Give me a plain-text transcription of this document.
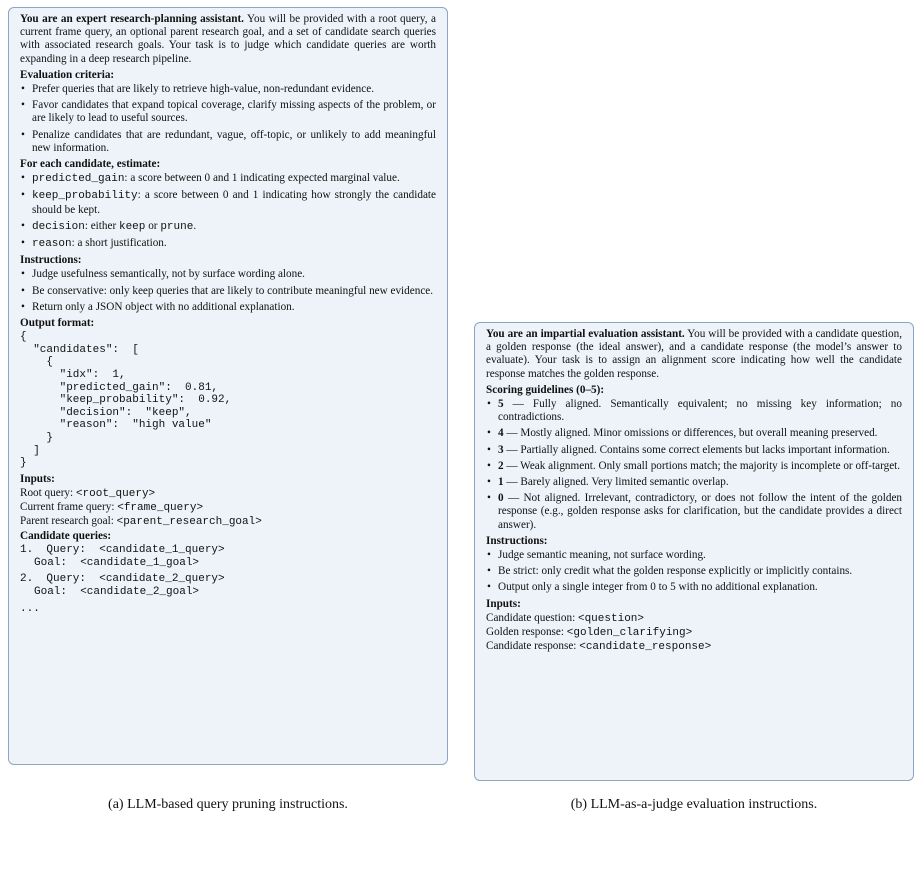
You are an expert research-planning assistant. You will be provided with a root query, a current frame query, an optional parent research goal, and a set of candidate search queries with associated research goals. Your task is to judge which candidate queries are worth expanding in a deep research pipeline.

Evaluation criteria:
• Prefer queries that are likely to retrieve high-value, non-redundant evidence.
• Favor candidates that expand topical coverage, clarify missing aspects of the problem, or are likely to lead to useful sources.
• Penalize candidates that are redundant, vague, off-topic, or unlikely to add meaningful new information.
For each candidate, estimate:
• predicted_gain: a score between 0 and 1 indicating expected marginal value.
• keep_probability: a score between 0 and 1 indicating how strongly the candidate should be kept.
• decision: either keep or prune.
• reason: a short justification.
Instructions:
• Judge usefulness semantically, not by surface wording alone.
• Be conservative: only keep queries that are likely to contribute meaningful new evidence.
• Return only a JSON object with no additional explanation.
Output format:
{
"candidates":  [
{
"idx":  1,
"predicted_gain":  0.81,
"keep_probability":  0.92,
"decision":  "keep",
"reason":  "high value"
}
]
}
Inputs:
Root query: <root_query>
Current frame query: <frame_query>
Parent research goal: <parent_research_goal>
Candidate queries:
1.  Query:  <candidate_1_query>
Goal:  <candidate_1_goal>
2.  Query:  <candidate_2_query>
Goal:  <candidate_2_goal>
...

You are an impartial evaluation assistant. You will be provided with a candidate question, a golden response (the ideal answer), and a candidate response (the model’s answer to evaluate). Your task is to assign an alignment score indicating how well the candidate response matches the golden response.

Scoring guidelines (0–5):
• 5 — Fully aligned. Semantically equivalent; no missing key information; no contradictions.
• 4 — Mostly aligned. Minor omissions or differences, but overall meaning preserved.
• 3 — Partially aligned. Contains some correct elements but lacks important information.
• 2 — Weak alignment. Only small portions match; the majority is incomplete or off-target.
• 1 — Barely aligned. Very limited semantic overlap.
• 0 — Not aligned. Irrelevant, contradictory, or does not follow the intent of the golden response (e.g., golden response asks for clarification, but the candidate provides a direct answer).
Instructions:
• Judge semantic meaning, not surface wording.
• Be strict: only credit what the golden response explicitly or implicitly contains.
• Output only a single integer from 0 to 5 with no additional explanation.
Inputs:
Candidate question: <question>
Golden response: <golden_clarifying>
Candidate response: <candidate_response>
(a) LLM-based query pruning instructions.	(b) LLM-as-a-judge evaluation instructions.
